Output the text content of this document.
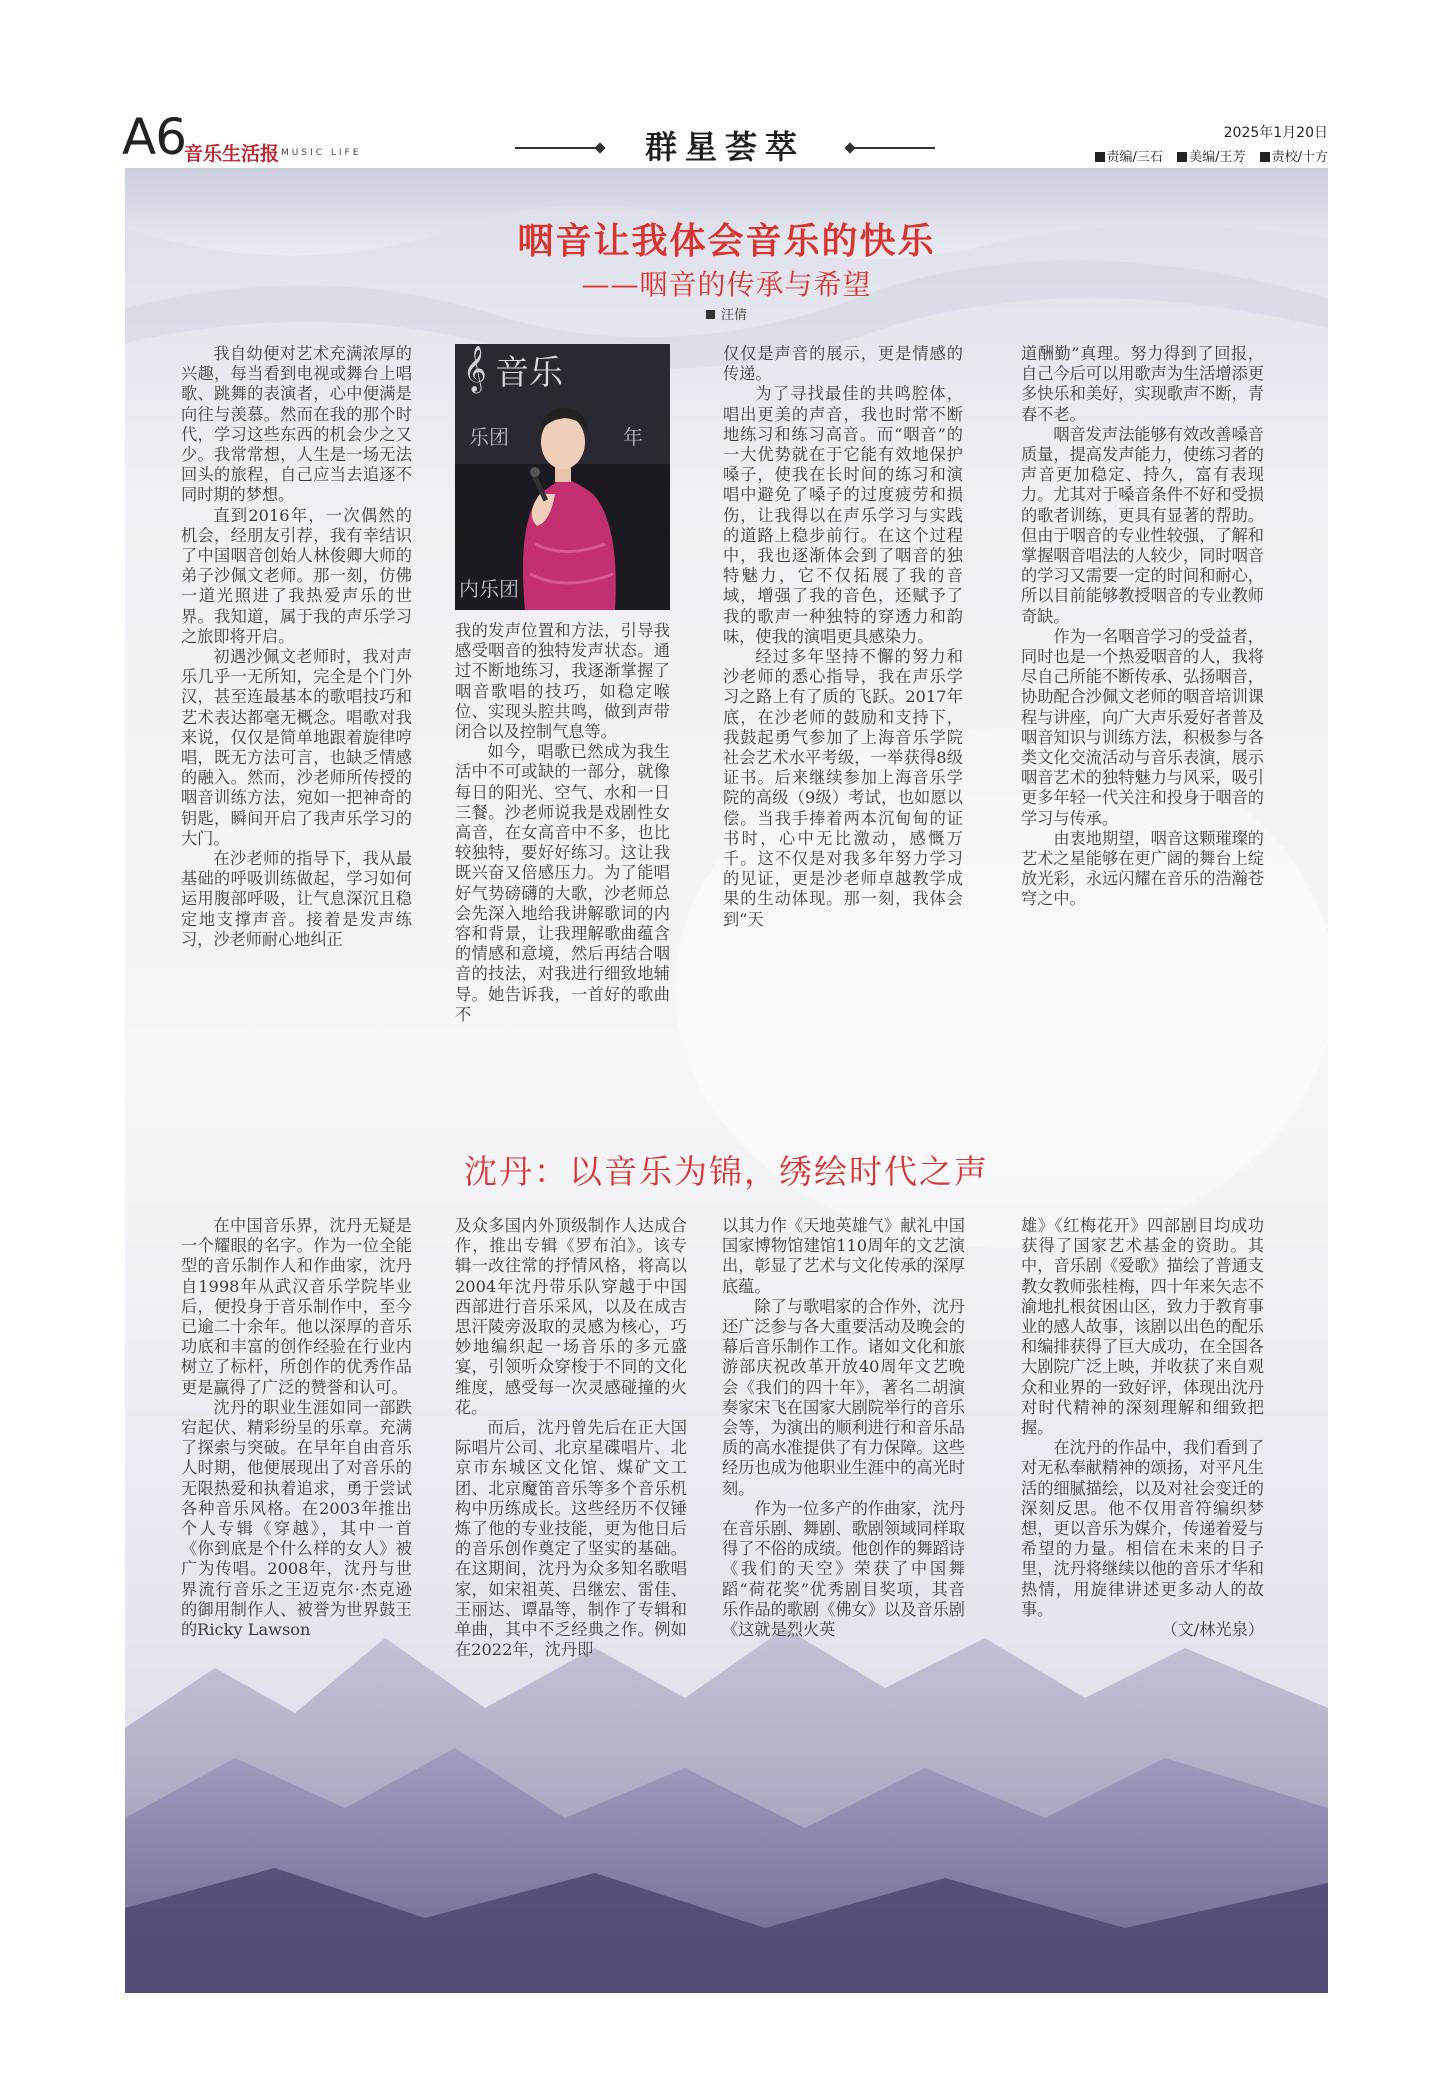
A6
音乐生活报 MUSIC LIFE	群星荟萃	2025年1月20日
责编/三石 美编/王芳 责校/十方
咽音让我体会音乐的快乐
——咽音的传承与希望
汪倩
𝄞 音乐
乐团	年
内乐团

我自幼便对艺术充满浓厚的兴趣，每当看到电视或舞台上唱歌、跳舞的表演者，心中便满是向往与羡慕。然而在我的那个时代，学习这些东西的机会少之又少。我常常想，人生是一场无法回头的旅程，自己应当去追逐不同时期的梦想。

直到2016年，一次偶然的机会，经朋友引荐，我有幸结识了中国咽音创始人林俊卿大师的弟子沙佩文老师。那一刻，仿佛一道光照进了我热爱声乐的世界。我知道，属于我的声乐学习之旅即将开启。

初遇沙佩文老师时，我对声乐几乎一无所知，完全是个门外汉，甚至连最基本的歌唱技巧和艺术表达都毫无概念。唱歌对我来说，仅仅是简单地跟着旋律哼唱，既无方法可言，也缺乏情感的融入。然而，沙老师所传授的咽音训练方法，宛如一把神奇的钥匙，瞬间开启了我声乐学习的大门。

在沙老师的指导下，我从最基础的呼吸训练做起，学习如何运用腹部呼吸，让气息深沉且稳定地支撑声音。接着是发声练习，沙老师耐心地纠正

我的发声位置和方法，引导我感受咽音的独特发声状态。通过不断地练习，我逐渐掌握了咽音歌唱的技巧，如稳定喉位、实现头腔共鸣，做到声带闭合以及控制气息等。

如今，唱歌已然成为我生活中不可或缺的一部分，就像每日的阳光、空气、水和一日三餐。沙老师说我是戏剧性女高音，在女高音中不多，也比较独特，要好好练习。这让我既兴奋又倍感压力。为了能唱好气势磅礴的大歌，沙老师总会先深入地给我讲解歌词的内容和背景，让我理解歌曲蕴含的情感和意境，然后再结合咽音的技法，对我进行细致地辅导。她告诉我，一首好的歌曲不

仅仅是声音的展示，更是情感的传递。

为了寻找最佳的共鸣腔体，唱出更美的声音，我也时常不断地练习和练习高音。而“咽音”的一大优势就在于它能有效地保护嗓子，使我在长时间的练习和演唱中避免了嗓子的过度疲劳和损伤，让我得以在声乐学习与实践的道路上稳步前行。在这个过程中，我也逐渐体会到了咽音的独特魅力，它不仅拓展了我的音域，增强了我的音色，还赋予了我的歌声一种独特的穿透力和韵味，使我的演唱更具感染力。

经过多年坚持不懈的努力和沙老师的悉心指导，我在声乐学习之路上有了质的飞跃。2017年底，在沙老师的鼓励和支持下，我鼓起勇气参加了上海音乐学院社会艺术水平考级，一举获得8级证书。后来继续参加上海音乐学院的高级（9级）考试，也如愿以偿。当我手捧着两本沉甸甸的证书时，心中无比激动，感慨万千。这不仅是对我多年努力学习的见证，更是沙老师卓越教学成果的生动体现。那一刻，我体会到“天

道酬勤”真理。努力得到了回报，自己今后可以用歌声为生活增添更多快乐和美好，实现歌声不断，青春不老。

咽音发声法能够有效改善嗓音质量，提高发声能力，使练习者的声音更加稳定、持久，富有表现力。尤其对于嗓音条件不好和受损的歌者训练，更具有显著的帮助。但由于咽音的专业性较强，了解和掌握咽音唱法的人较少，同时咽音的学习又需要一定的时间和耐心，所以目前能够教授咽音的专业教师奇缺。

作为一名咽音学习的受益者，同时也是一个热爱咽音的人，我将尽自己所能不断传承、弘扬咽音，协助配合沙佩文老师的咽音培训课程与讲座，向广大声乐爱好者普及咽音知识与训练方法，积极参与各类文化交流活动与音乐表演，展示咽音艺术的独特魅力与风采，吸引更多年轻一代关注和投身于咽音的学习与传承。

由衷地期望，咽音这颗璀璨的艺术之星能够在更广阔的舞台上绽放光彩，永远闪耀在音乐的浩瀚苍穹之中。

沈丹：以音乐为锦，绣绘时代之声

在中国音乐界，沈丹无疑是一个耀眼的名字。作为一位全能型的音乐制作人和作曲家，沈丹自1998年从武汉音乐学院毕业后，便投身于音乐制作中，至今已逾二十余年。他以深厚的音乐功底和丰富的创作经验在行业内树立了标杆，所创作的优秀作品更是赢得了广泛的赞誉和认可。

沈丹的职业生涯如同一部跌宕起伏、精彩纷呈的乐章。充满了探索与突破。在早年自由音乐人时期，他便展现出了对音乐的无限热爱和执着追求，勇于尝试各种音乐风格。在2003年推出个人专辑《穿越》，其中一首《你到底是个什么样的女人》被广为传唱。2008年，沈丹与世界流行音乐之王迈克尔·杰克逊的御用制作人、被誉为世界鼓王的Ricky Lawson

及众多国内外顶级制作人达成合作，推出专辑《罗布泊》。该专辑一改往常的抒情风格，将高以2004年沈丹带乐队穿越于中国西部进行音乐采风，以及在成吉思汗陵旁汲取的灵感为核心，巧妙地编织起一场音乐的多元盛宴，引领听众穿梭于不同的文化维度，感受每一次灵感碰撞的火花。

而后，沈丹曾先后在正大国际唱片公司、北京星碟唱片、北京市东城区文化馆、煤矿文工团、北京魔笛音乐等多个音乐机构中历练成长。这些经历不仅锤炼了他的专业技能，更为他日后的音乐创作奠定了坚实的基础。在这期间，沈丹为众多知名歌唱家，如宋祖英、吕继宏、雷佳、王丽达、谭晶等，制作了专辑和单曲，其中不乏经典之作。例如在2022年，沈丹即

以其力作《天地英雄气》献礼中国国家博物馆建馆110周年的文艺演出，彰显了艺术与文化传承的深厚底蕴。

除了与歌唱家的合作外，沈丹还广泛参与各大重要活动及晚会的幕后音乐制作工作。诸如文化和旅游部庆祝改革开放40周年文艺晚会《我们的四十年》，著名二胡演奏家宋飞在国家大剧院举行的音乐会等，为演出的顺利进行和音乐品质的高水准提供了有力保障。这些经历也成为他职业生涯中的高光时刻。

作为一位多产的作曲家，沈丹在音乐剧、舞剧、歌剧领域同样取得了不俗的成绩。他创作的舞蹈诗《我们的天空》荣获了中国舞蹈“荷花奖”优秀剧目奖项，其音乐作品的歌剧《佛女》以及音乐剧《这就是烈火英

雄》《红梅花开》四部剧目均成功获得了国家艺术基金的资助。其中，音乐剧《爱歌》描绘了普通支教女教师张桂梅，四十年来矢志不渝地扎根贫困山区，致力于教育事业的感人故事，该剧以出色的配乐和编排获得了巨大成功，在全国各大剧院广泛上映，并收获了来自观众和业界的一致好评，体现出沈丹对时代精神的深刻理解和细致把握。

在沈丹的作品中，我们看到了对无私奉献精神的颂扬，对平凡生活的细腻描绘，以及对社会变迁的深刻反思。他不仅用音符编织梦想，更以音乐为媒介，传递着爱与希望的力量。相信在未来的日子里，沈丹将继续以他的音乐才华和热情，用旋律讲述更多动人的故事。

（文/林光泉）
